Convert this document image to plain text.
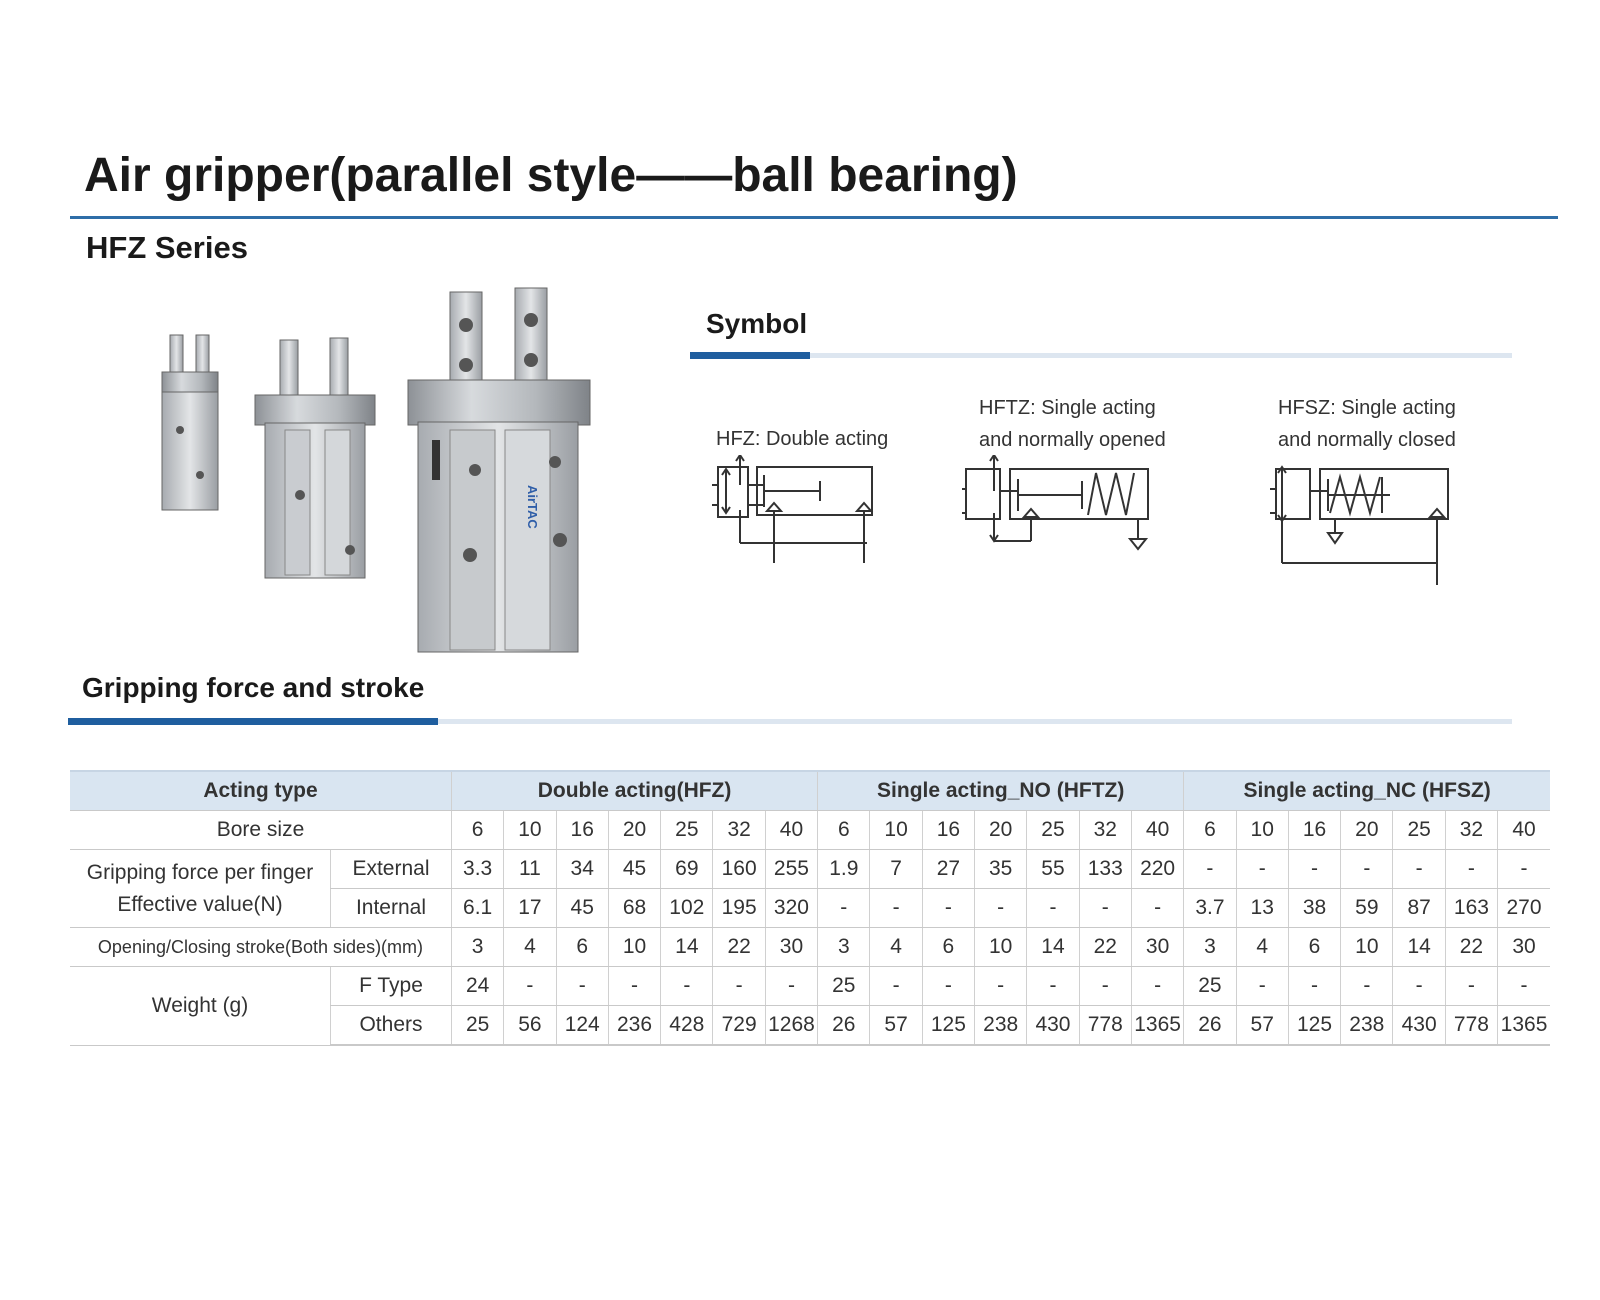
Air gripper(parallel style——ball bearing)
HFZ Series
AirTAC
Symbol
HFZ: Double acting
HFTZ: Single acting
and normally opened
HFSZ: Single acting
and normally closed
Gripping force and stroke
Acting type		Double acting(HFZ)							Single acting_NO (HFTZ)							Single acting_NC (HFSZ)						
Bore size		6	10	16	20	25	32	40	6	10	16	20	25	32	40	6	10	16	20	25	32	40

Gripping force per finger
Effective value(N)	External	3.3	11	34	45	69	160	255	1.9	7	27	35	55	133	220	-	-	-	-	-	-	-
	Internal	6.1	17	45	68	102	195	320	-	-	-	-	-	-	-	3.7	13	38	59	87	163	270
Opening/Closing stroke(Both sides)(mm)		3	4	6	10	14	22	30	3	4	6	10	14	22	30	3	4	6	10	14	22	30
Weight (g)	F Type	24	-	-	-	-	-	-	25	-	-	-	-	-	-	25	-	-	-	-	-	-
	Others	25	56	124	236	428	729	1268	26	57	125	238	430	778	1365	26	57	125	238	430	778	1365
